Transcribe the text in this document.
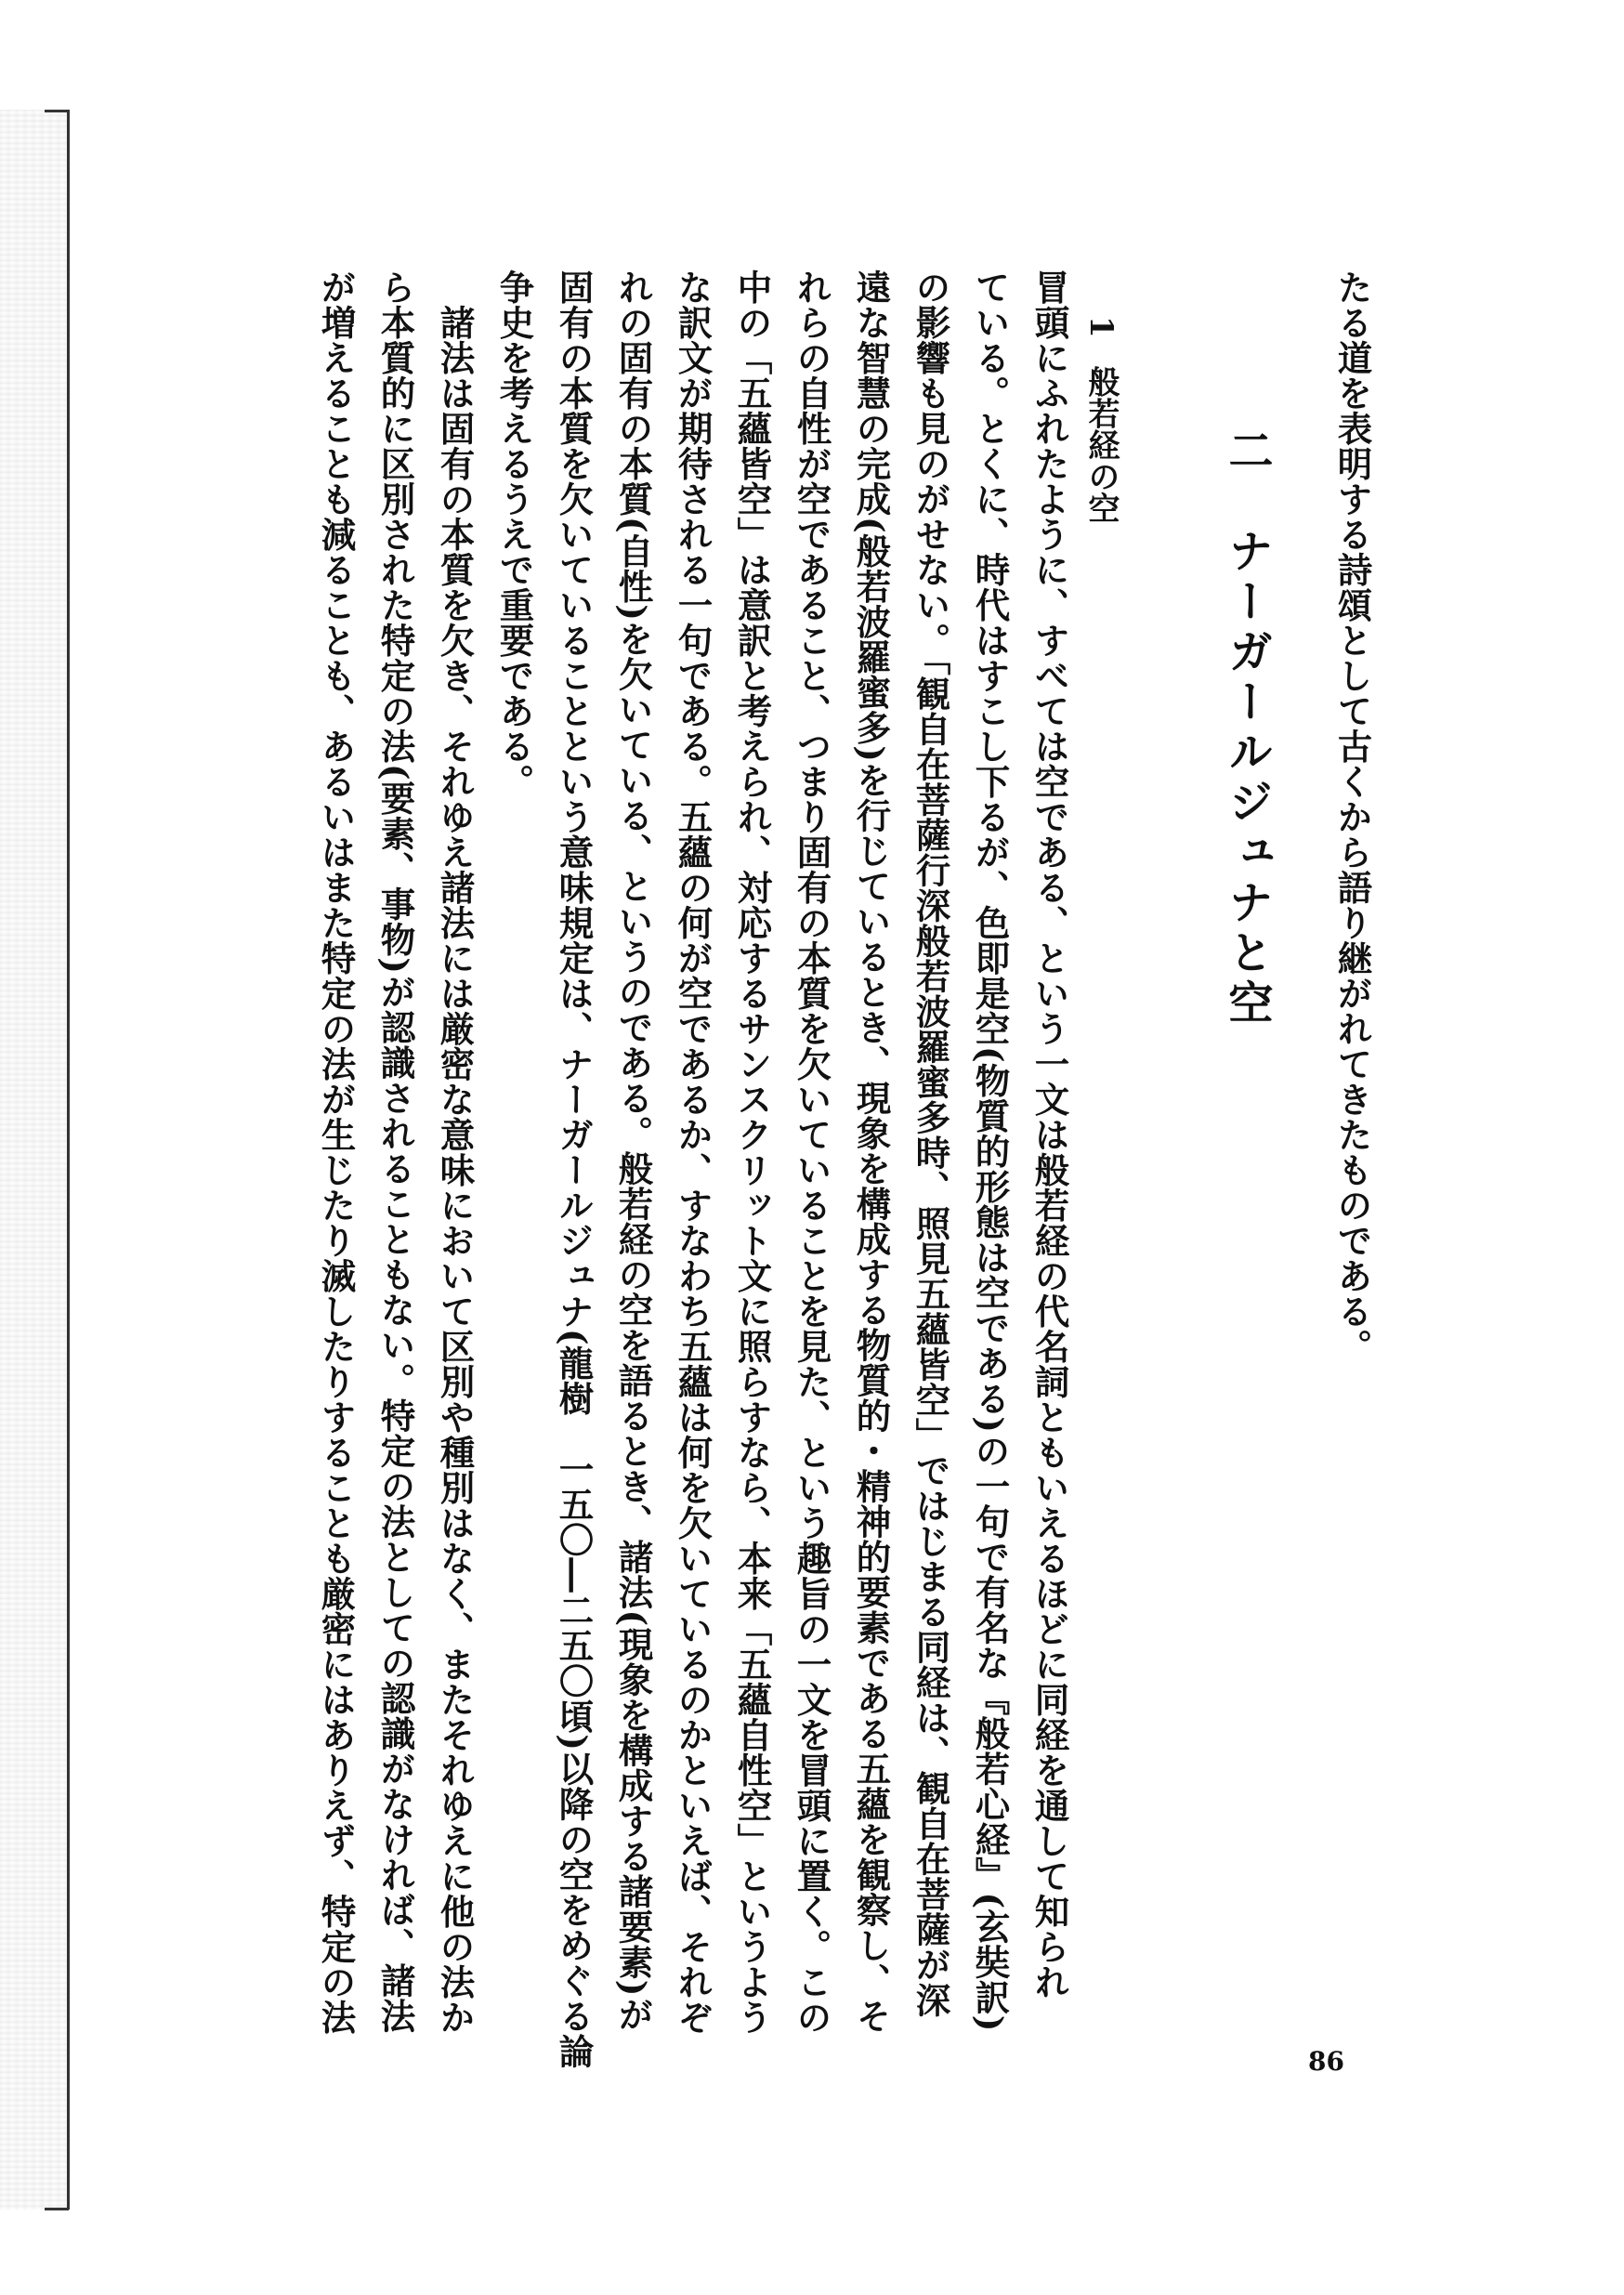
たる道を表明する詩頌として古くから語り継がれてきたものである。
二　ナーガールジュナと空
1般若経の空
冒頭にふれたように、すべては空である、という一文は般若経の代名詞ともいえるほどに同経を通して知られ
ている。とくに、時代はすこし下るが、色即是空(物質的形態は空である)の一句で有名な『般若心経』(玄奘訳)
の影響も見のがせない。「観自在菩薩行深般若波羅蜜多時、照見五蘊皆空」ではじまる同経は、観自在菩薩が深
遠な智慧の完成(般若波羅蜜多)を行じているとき、現象を構成する物質的・精神的要素である五蘊を観察し、そ
れらの自性が空であること、つまり固有の本質を欠いていることを見た、という趣旨の一文を冒頭に置く。この
中の「五蘊皆空」は意訳と考えられ、対応するサンスクリット文に照らすなら、本来「五蘊自性空」というよう
な訳文が期待される一句である。五蘊の何が空であるか、すなわち五蘊は何を欠いているのかといえば、それぞ
れの固有の本質(自性)を欠いている、というのである。般若経の空を語るとき、諸法(現象を構成する諸要素)が
固有の本質を欠いていることという意味規定は、ナーガールジュナ(龍樹　一五〇―二五〇頃)以降の空をめぐる論
争史を考えるうえで重要である。
　諸法は固有の本質を欠き、それゆえ諸法には厳密な意味において区別や種別はなく、またそれゆえに他の法か
ら本質的に区別された特定の法(要素、事物)が認識されることもない。特定の法としての認識がなければ、諸法
が増えることも減ることも、あるいはまた特定の法が生じたり滅したりすることも厳密にはありえず、特定の法
86
